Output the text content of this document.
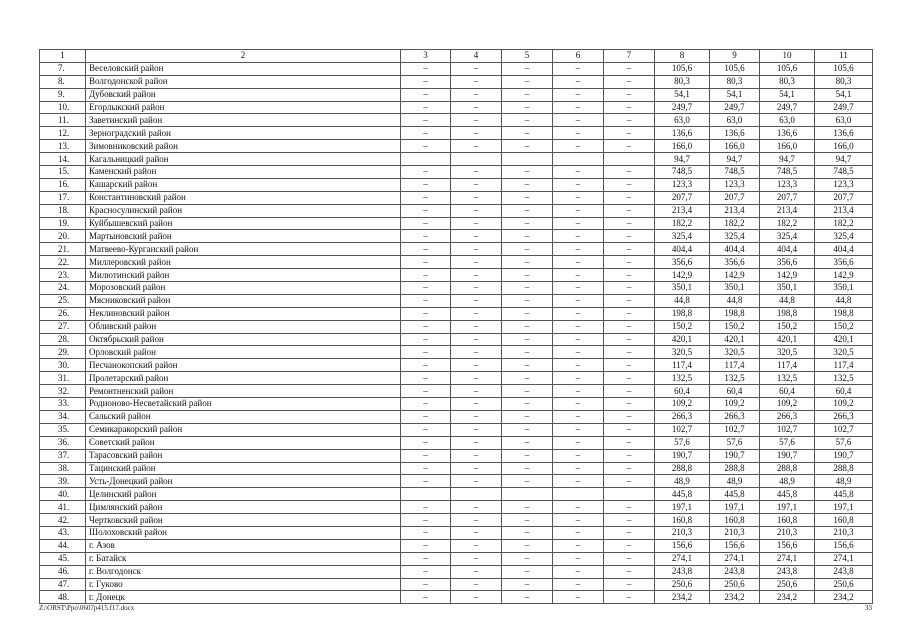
1	2	3	4	5	6	7	8	9	10	11
7.	Веселовский район	–	–	–	–	–	105,6	105,6	105,6	105,6
8.	Волгодонской район	–	–	–	–	–	80,3	80,3	80,3	80,3
9.	Дубовский район	–	–	–	–	–	54,1	54,1	54,1	54,1
10.	Егорлыкский район	–	–	–	–	–	249,7	249,7	249,7	249,7
11.	Заветинский район	–	–	–	–	–	63,0	63,0	63,0	63,0
12.	Зерноградский район	–	–	–	–	–	136,6	136,6	136,6	136,6
13.	Зимовниковский район	–	–	–	–	–	166,0	166,0	166,0	166,0
14.	Кагальницкий район						94,7	94,7	94,7	94,7
15.	Каменский район	–	–	–	–	–	748,5	748,5	748,5	748,5
16.	Кашарский район	–	–	–	–	–	123,3	123,3	123,3	123,3
17.	Константиновский район	–	–	–	–	–	207,7	207,7	207,7	207,7
18.	Красносулинский район	–	–	–	–	–	213,4	213,4	213,4	213,4
19.	Куйбышевский район	–	–	–	–	–	182,2	182,2	182,2	182,2
20.	Мартыновский район	–	–	–	–	–	325,4	325,4	325,4	325,4
21.	Матвеево-Курганский район	–	–	–	–	–	404,4	404,4	404,4	404,4
22.	Миллеровский район	–	–	–	–	–	356,6	356,6	356,6	356,6
23.	Милютинский район	–	–	–	–	–	142,9	142,9	142,9	142,9
24.	Морозовский район	–	–	–	–	–	350,1	350,1	350,1	350,1
25.	Мясниковский район	–	–	–	–	–	44,8	44,8	44,8	44,8
26.	Неклиновский район	–	–	–	–	–	198,8	198,8	198,8	198,8
27.	Обливский район	–	–	–	–	–	150,2	150,2	150,2	150,2
28.	Октябрьский район	–	–	–	–	–	420,1	420,1	420,1	420,1
29.	Орловский район	–	–	–	–	–	320,5	320,5	320,5	320,5
30.	Песчанокопский район	–	–	–	–	–	117,4	117,4	117,4	117,4
31.	Пролетарский район	–	–	–	–	–	132,5	132,5	132,5	132,5
32.	Ремонтненский район	–	–	–	–	–	60,4	60,4	60,4	60,4
33.	Родионово-Несветайский район	–	–	–	–	–	109,2	109,2	109,2	109,2
34.	Сальский район	–	–	–	–	–	266,3	266,3	266,3	266,3
35.	Семикаракорский район	–	–	–	–	–	102,7	102,7	102,7	102,7
36.	Советский район	–	–	–	–	–	57,6	57,6	57,6	57,6
37.	Тарасовский район	–	–	–	–	–	190,7	190,7	190,7	190,7
38.	Тацинский район	–	–	–	–	–	288,8	288,8	288,8	288,8
39.	Усть-Донецкий район	–	–	–	–	–	48,9	48,9	48,9	48,9
40.	Целинский район						445,8	445,8	445,8	445,8
41.	Цимлянский район	–	–	–	–	–	197,1	197,1	197,1	197,1
42.	Чертковский район	–	–	–	–	–	160,8	160,8	160,8	160,8
43.	Шолоховский район	–	–	–	–	–	210,3	210,3	210,3	210,3
44.	г. Азов	–	–	–	–	–	156,6	156,6	156,6	156,6
45.	г. Батайск	–	–	–	–	–	274,1	274,1	274,1	274,1
46.	г. Волгодонск	–	–	–	–	–	243,8	243,8	243,8	243,8
47.	г. Гуково	–	–	–	–	–	250,6	250,6	250,6	250,6
48.	г. Донецк	–	–	–	–	–	234,2	234,2	234,2	234,2
Z:\ORST\Ppo\0607p415.f17.docx	33
